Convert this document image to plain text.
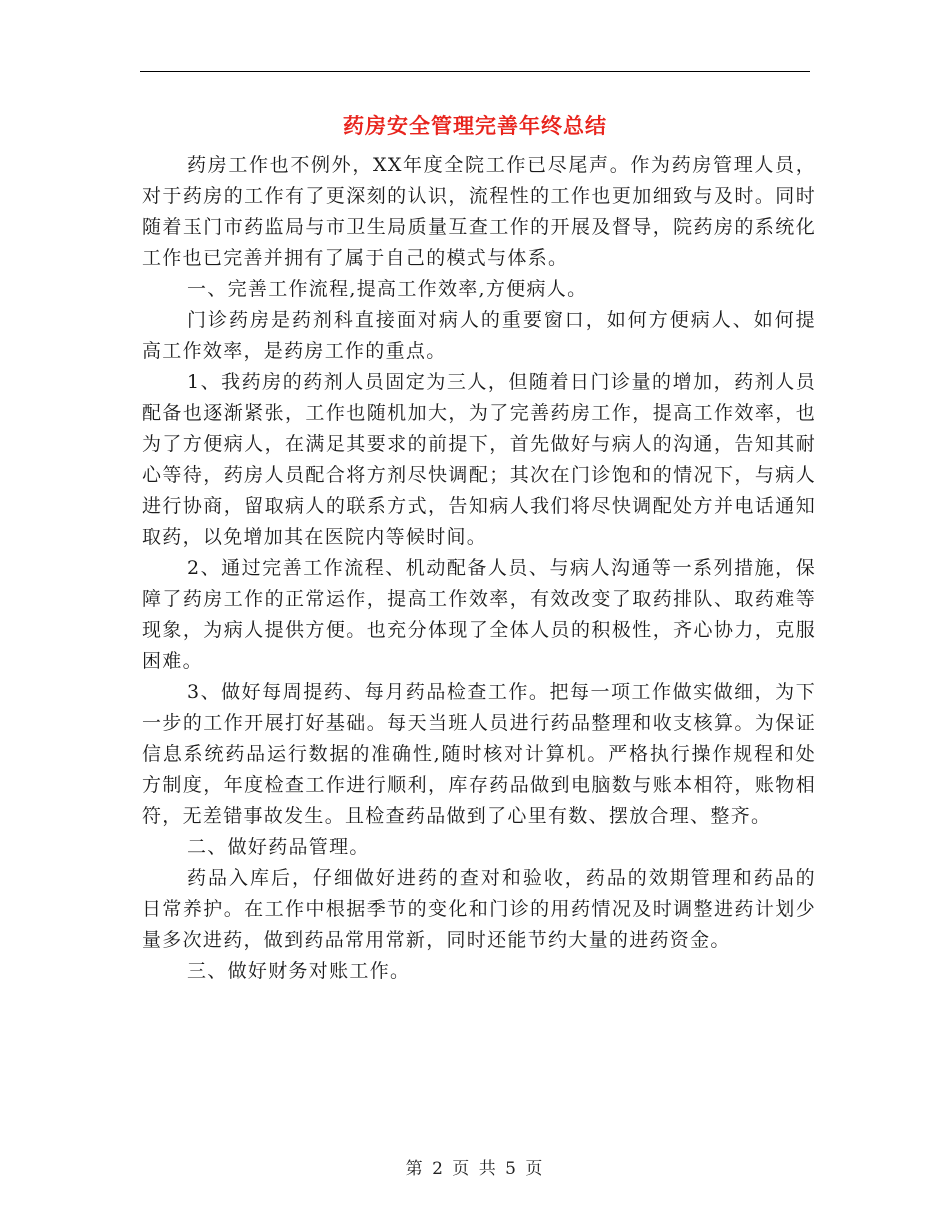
药房安全管理完善年终总结

药房工作也不例外，XX年度全院工作已尽尾声。作为药房管理人员，对于药房的工作有了更深刻的认识，流程性的工作也更加细致与及时。同时随着玉门市药监局与市卫生局质量互查工作的开展及督导，院药房的系统化工作也已完善并拥有了属于自己的模式与体系。

一、完善工作流程,提高工作效率,方便病人。

门诊药房是药剂科直接面对病人的重要窗口，如何方便病人、如何提高工作效率，是药房工作的重点。

1、我药房的药剂人员固定为三人，但随着日门诊量的增加，药剂人员配备也逐渐紧张，工作也随机加大，为了完善药房工作，提高工作效率，也为了方便病人，在满足其要求的前提下，首先做好与病人的沟通，告知其耐心等待，药房人员配合将方剂尽快调配；其次在门诊饱和的情况下，与病人进行协商，留取病人的联系方式，告知病人我们将尽快调配处方并电话通知取药，以免增加其在医院内等候时间。

2、通过完善工作流程、机动配备人员、与病人沟通等一系列措施，保障了药房工作的正常运作，提高工作效率，有效改变了取药排队、取药难等现象，为病人提供方便。也充分体现了全体人员的积极性，齐心协力，克服困难。

3、做好每周提药、每月药品检查工作。把每一项工作做实做细，为下一步的工作开展打好基础。每天当班人员进行药品整理和收支核算。为保证信息系统药品运行数据的准确性,随时核对计算机。严格执行操作规程和处方制度，年度检查工作进行顺利，库存药品做到电脑数与账本相符，账物相符，无差错事故发生。且检查药品做到了心里有数、摆放合理、整齐。

二、做好药品管理。

药品入库后，仔细做好进药的查对和验收，药品的效期管理和药品的日常养护。在工作中根据季节的变化和门诊的用药情况及时调整进药计划少量多次进药，做到药品常用常新，同时还能节约大量的进药资金。

三、做好财务对账工作。

第 2 页 共 5 页
